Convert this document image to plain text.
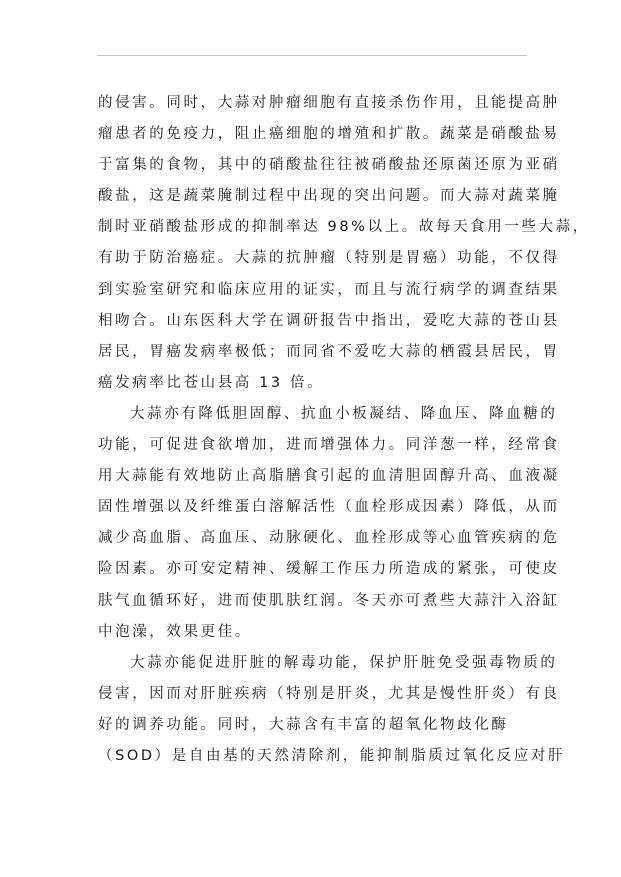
的侵害。同时，大蒜对肿瘤细胞有直接杀伤作用，且能提高肿
瘤患者的免疫力，阻止癌细胞的增殖和扩散。蔬菜是硝酸盐易
于富集的食物，其中的硝酸盐往往被硝酸盐还原菌还原为亚硝
酸盐，这是蔬菜腌制过程中出现的突出问题。而大蒜对蔬菜腌
制时亚硝酸盐形成的抑制率达 98%以上。故每天食用一些大蒜，
有助于防治癌症。大蒜的抗肿瘤（特别是胃癌）功能，不仅得
到实验室研究和临床应用的证实，而且与流行病学的调查结果
相吻合。山东医科大学在调研报告中指出，爱吃大蒜的苍山县
居民，胃癌发病率极低；而同省不爱吃大蒜的栖霞县居民，胃
癌发病率比苍山县高 13 倍。
大蒜亦有降低胆固醇、抗血小板凝结、降血压、降血糖的
功能，可促进食欲增加，进而增强体力。同洋葱一样，经常食
用大蒜能有效地防止高脂膳食引起的血清胆固醇升高、血液凝
固性增强以及纤维蛋白溶解活性（血栓形成因素）降低，从而
减少高血脂、高血压、动脉硬化、血栓形成等心血管疾病的危
险因素。亦可安定精神、缓解工作压力所造成的紧张，可使皮
肤气血循环好，进而使肌肤红润。冬天亦可煮些大蒜汁入浴缸
中泡澡，效果更佳。
大蒜亦能促进肝脏的解毒功能，保护肝脏免受强毒物质的
侵害，因而对肝脏疾病（特别是肝炎，尤其是慢性肝炎）有良
好的调养功能。同时，大蒜含有丰富的超氧化物歧化酶
（SOD）是自由基的天然清除剂，能抑制脂质过氧化反应对肝
